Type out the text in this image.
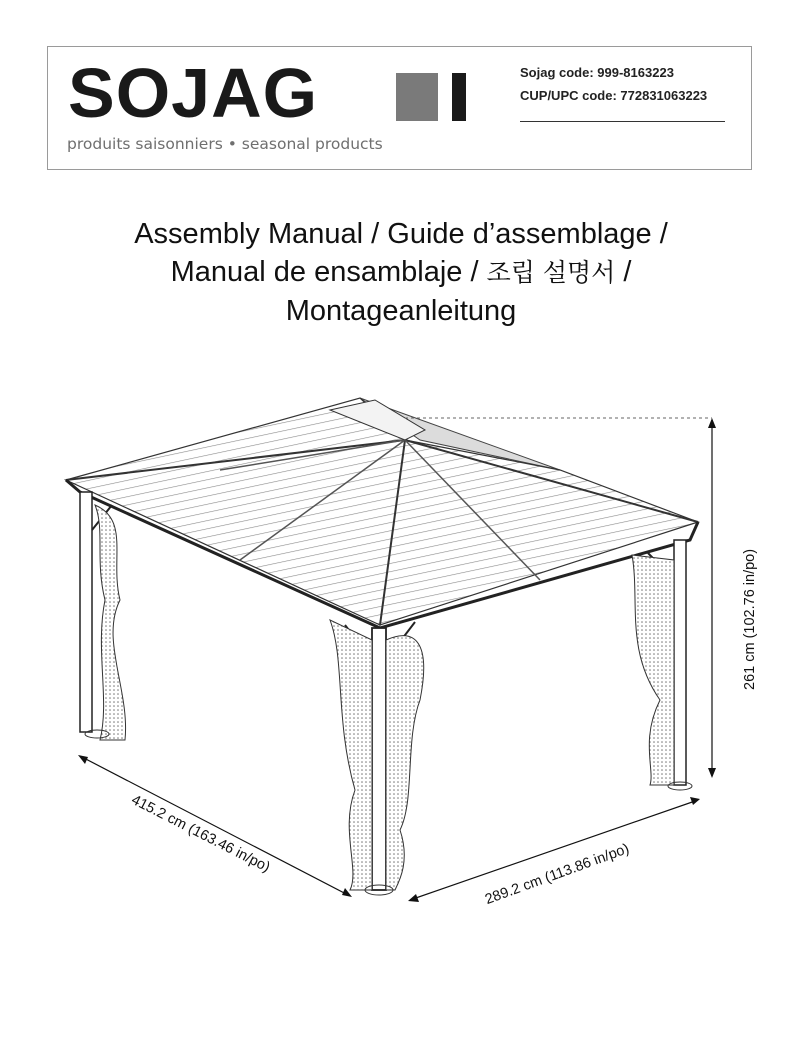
SOJAG
produits saisonniers • seasonal products
Sojag code: 999-8163223
CUP/UPC code: 772831063223
Assembly Manual / Guide d’assemblage /
Manual de ensamblaje / 조립 설명서 /
Montageanleitung
261 cm (102.76 in/po)
415.2 cm (163.46 in/po)	289.2 cm (113.86 in/po)
